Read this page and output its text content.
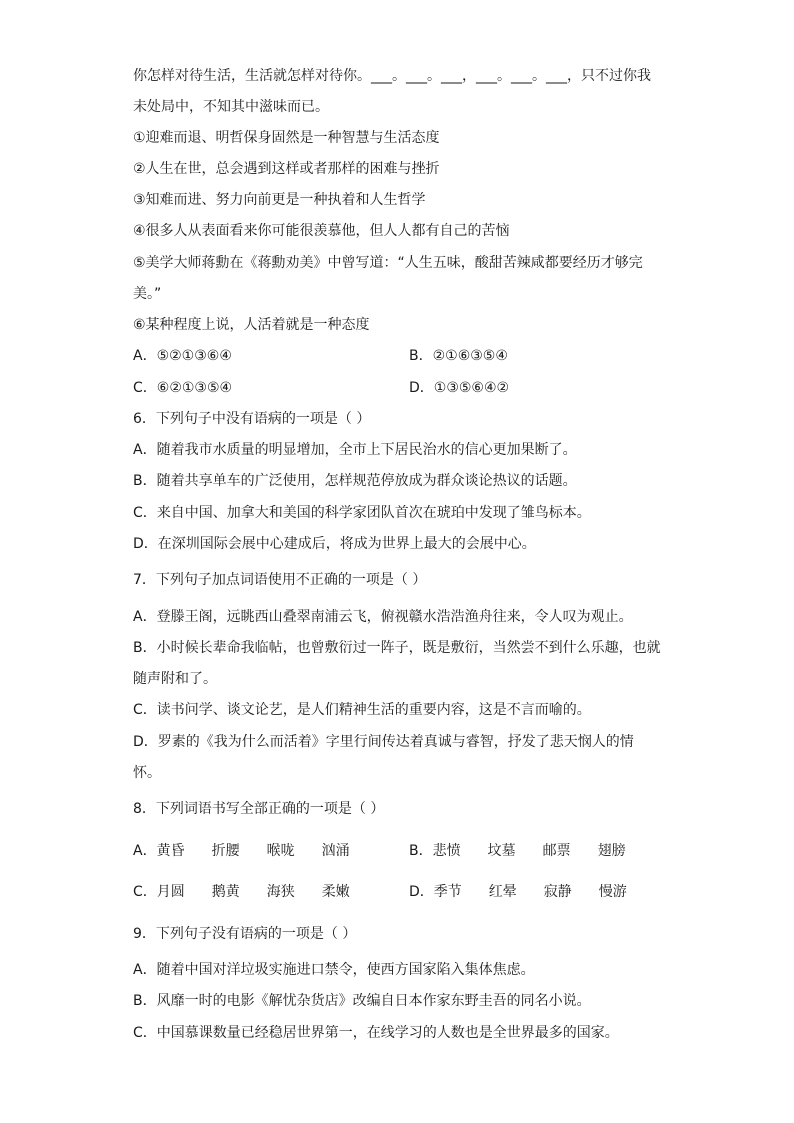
你怎样对待生活，生活就怎样对待你。___。___。___，___。___。___，只不过你我
未处局中，不知其中滋味而已。
①迎难而退、明哲保身固然是一种智慧与生活态度
②人生在世，总会遇到这样或者那样的困难与挫折
③知难而进、努力向前更是一种执着和人生哲学
④很多人从表面看来你可能很羡慕他，但人人都有自己的苦恼
⑤美学大师蒋勳在《蒋勳劝美》中曾写道：“人生五味，酸甜苦辣咸都要经历才够完
美。”
⑥某种程度上说，人活着就是一种态度
A．⑤②①③⑥④	B．②①⑥③⑤④
C．⑥②①③⑤④	D．①③⑤⑥④②
6．下列句子中没有语病的一项是（ ）
A．随着我市水质量的明显增加，全市上下居民治水的信心更加果断了。
B．随着共享单车的广泛使用，怎样规范停放成为群众谈论热议的话题。
C．来自中国、加拿大和美国的科学家团队首次在琥珀中发现了雏鸟标本。
D．在深圳国际会展中心建成后，将成为世界上最大的会展中心。
7．下列句子加点词语使用不正确的一项是（ ）
A．登滕王阁，远眺西山叠翠南浦云飞，俯视赣水浩浩渔舟往来，令人叹为观止。
B．小时候长辈命我临帖，也曾敷衍过一阵子，既是敷衍，当然尝不到什么乐趣，也就
随声附和了。
C．读书问学、谈文论艺，是人们精神生活的重要内容，这是不言而喻的。
D．罗素的《我为什么而活着》字里行间传达着真诚与睿智，抒发了悲天悯人的情
怀。
8．下列词语书写全部正确的一项是（ ）
A．黄昏 折腰 喉咙 汹涌	B．悲愤 坟墓 邮票 翅膀
C．月圆 鹅黄 海狭 柔嫩	D．季节 红晕 寂静 慢游
9．下列句子没有语病的一项是（ ）
A．随着中国对洋垃圾实施进口禁令，使西方国家陷入集体焦虑。
B．风靡一时的电影《解忧杂货店》改编自日本作家东野圭吾的同名小说。
C．中国慕课数量已经稳居世界第一，在线学习的人数也是全世界最多的国家。
